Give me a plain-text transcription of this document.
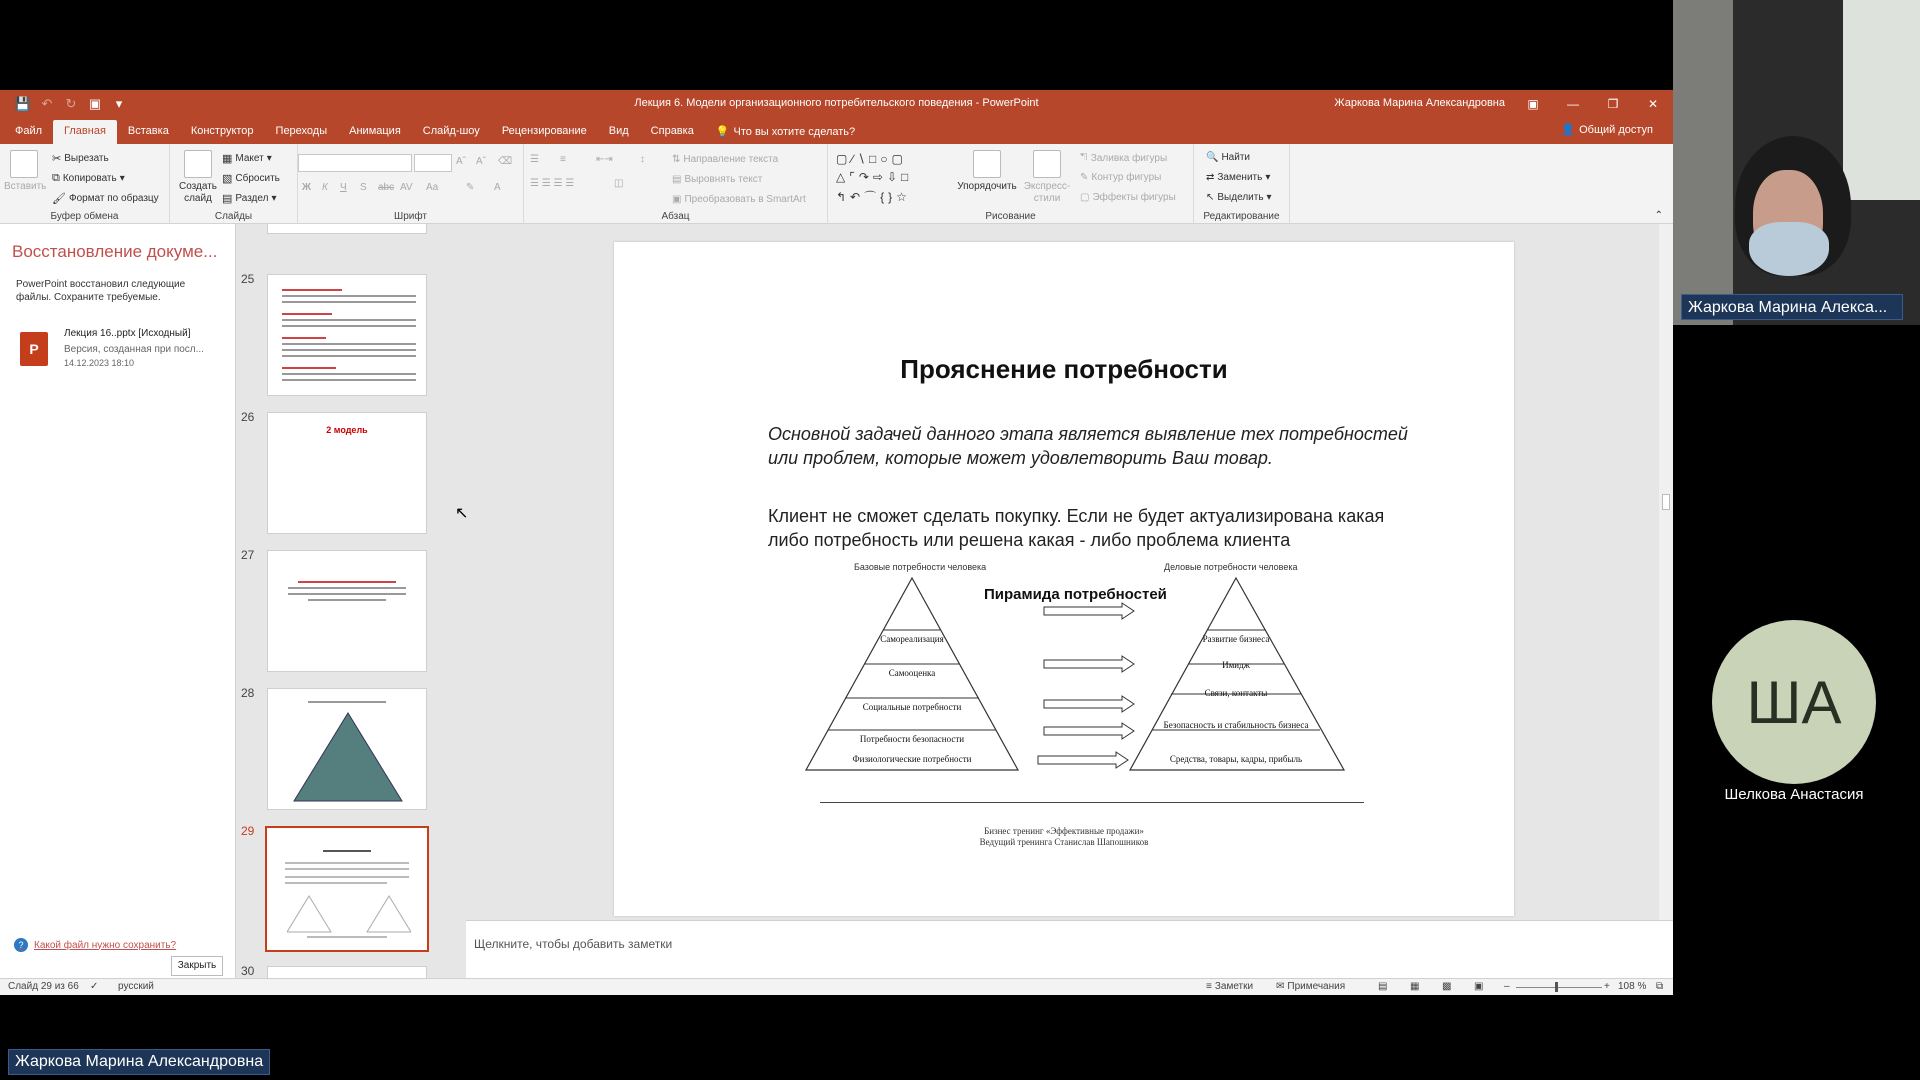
💾 ↶ ↻ ▣	▾	Лекция 6. Модели организационного потребительского поведения - PowerPoint	Жаркова Марина Александровна	▣	—	❐	✕
Файл	Главная	Вставка	Конструктор	Переходы	Анимация	Слайд-шоу	Рецензирование	Вид	Справка	💡 Что вы хотите сделать?	👤 Общий доступ
Вставить
✂ Вырезать
⧉ Копировать ▾
🖌 Формат по образцу
Буфер обмена
Создать
слайд
▦ Макет ▾
▧ Сбросить
▤ Раздел ▾
Слайды
Aˆ Aˇ ⌫
Ж К Ч S abc AV Aa	✎ A
Шрифт
☰ ≡	⇤⇥	↕	⇅ Направление текста
☰ ☰ ☰ ☰	◫	▤ Выровнять текст
▣ Преобразовать в SmartArt
Абзац
▢∕∖□○▢
△⌜↷⇨⇩□
↰↶⌒{}☆
Упорядочить Экспресс-
стили
⛠ Заливка фигуры
✎ Контур фигуры
▢ Эффекты фигуры
Рисование
🔍 Найти
⇄ Заменить ▾
↖ Выделить ▾
Редактирование	⌃
Восстановление докуме...
PowerPoint восстановил следующие файлы. Сохраните требуемые.
P
Лекция 16..pptx [Исходный]
Версия, созданная при посл...
14.12.2023 18:10
?	Какой файл нужно сохранить?
Закрыть
25
26
2 модель
27
28
29
30
Прояснение потребности
Основной задачей данного этапа является выявление тех потребностей или проблем, которые может удовлетворить Ваш товар.
Клиент не сможет сделать покупку. Если не будет актуализирована какая либо потребность или решена какая - либо проблема клиента
Базовые потребности человека	Деловые потребности человека
Пирамида потребностей
Самореализация
Самооценка
Социальные потребности
Потребности безопасности
Физиологические потребности
Развитие бизнеса
Имидж
Связи, контакты
Безопасность и стабильность бизнеса
Средства, товары, кадры, прибыль
Бизнес тренинг «Эффективные продажи»
Ведущий тренинга Станислав Шапошников
Щелкните, чтобы добавить заметки
Слайд 29 из 66 ✓ русский	≡ Заметки ✉ Примечания	▤ ▦ ▩ ▣ –	+ 108 % ⧉
Жаркова Марина Алекса...
ША
Шелкова Анастасия
Жаркова Марина Александровна
↖
